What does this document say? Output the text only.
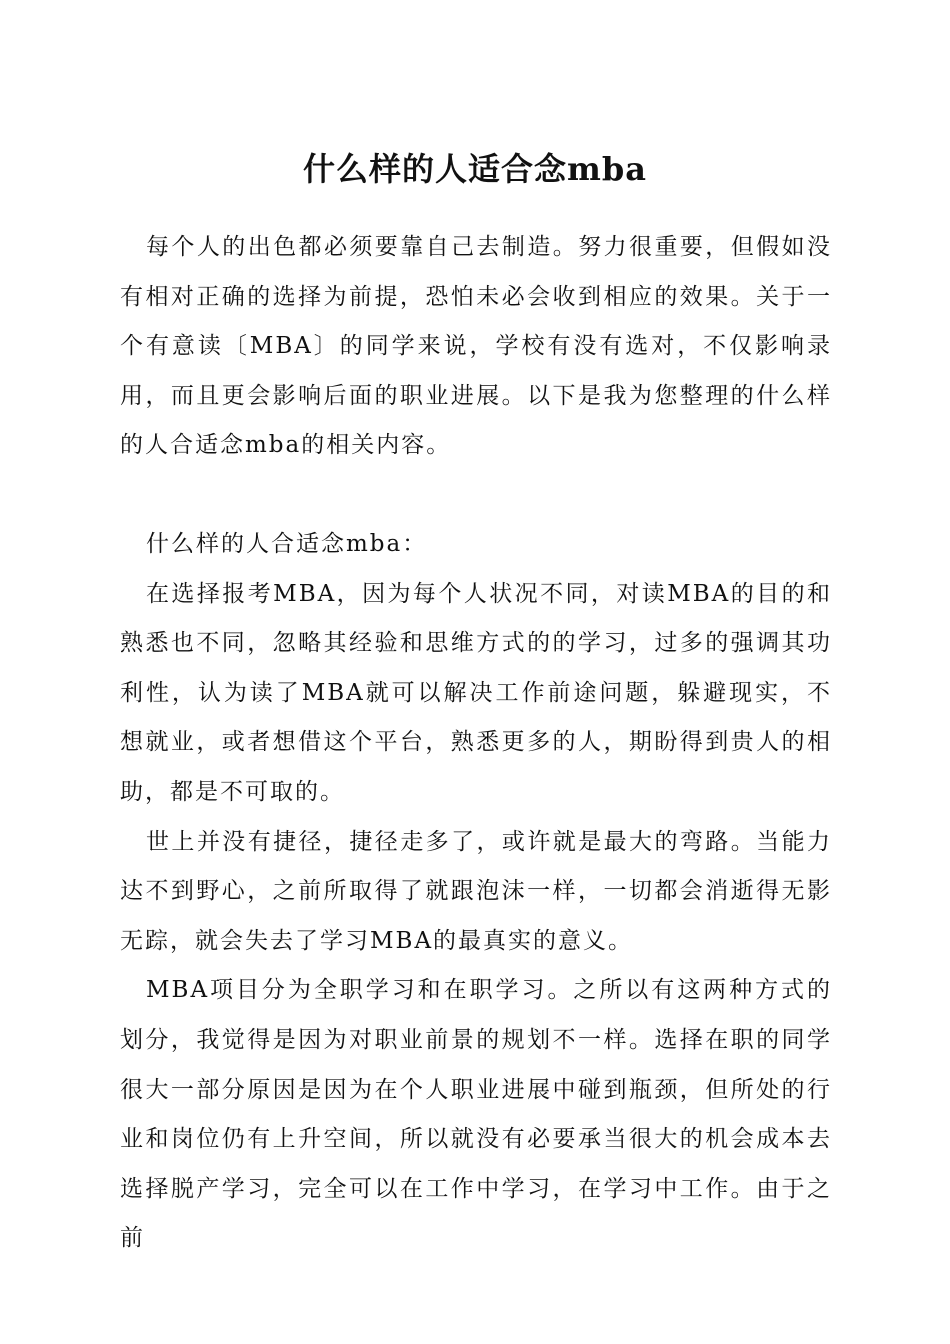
什么样的人适合念mba

每个人的出色都必须要靠自己去制造。努力很重要，但假如没有相对正确的选择为前提，恐怕未必会收到相应的效果。关于一个有意读〔MBA〕的同学来说，学校有没有选对，不仅影响录用，而且更会影响后面的职业进展。以下是我为您整理的什么样的人合适念mba的相关内容。

什么样的人合适念mba：

在选择报考MBA，因为每个人状况不同，对读MBA的目的和熟悉也不同，忽略其经验和思维方式的的学习，过多的强调其功利性，认为读了MBA就可以解决工作前途问题，躲避现实，不想就业，或者想借这个平台，熟悉更多的人，期盼得到贵人的相助，都是不可取的。

世上并没有捷径，捷径走多了，或许就是最大的弯路。当能力达不到野心，之前所取得了就跟泡沫一样，一切都会消逝得无影无踪，就会失去了学习MBA的最真实的意义。

MBA项目分为全职学习和在职学习。之所以有这两种方式的划分，我觉得是因为对职业前景的规划不一样。选择在职的同学很大一部分原因是因为在个人职业进展中碰到瓶颈，但所处的行业和岗位仍有上升空间，所以就没有必要承当很大的机会成本去选择脱产学习，完全可以在工作中学习，在学习中工作。由于之前
